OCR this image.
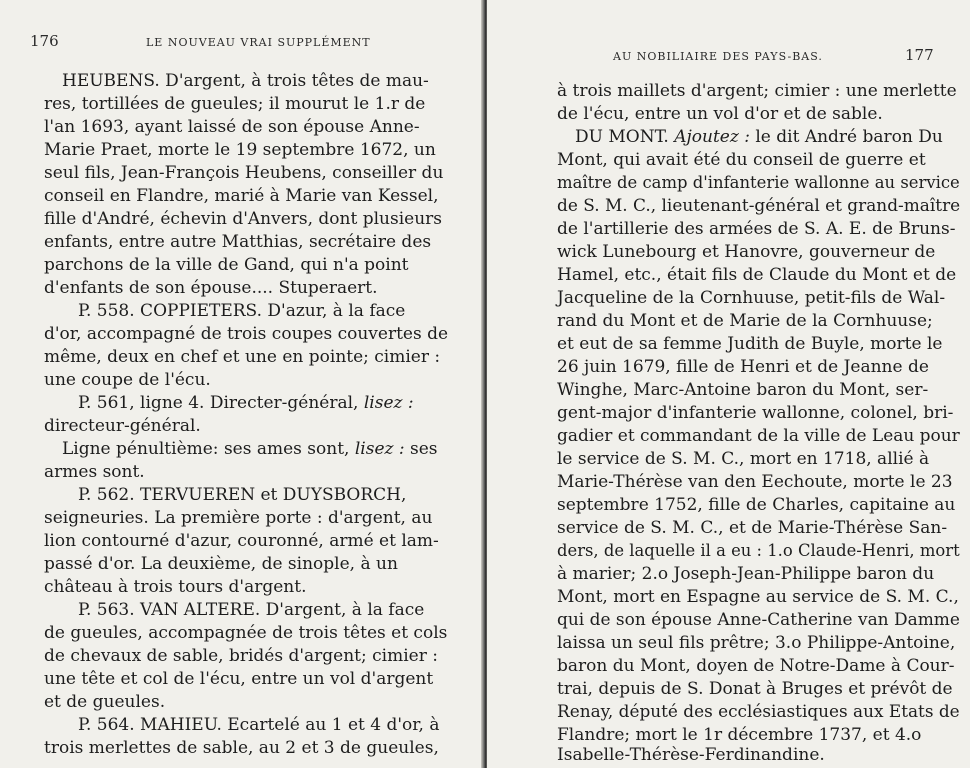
176	LE NOUVEAU VRAI SUPPLÉMENT

HEUBENS. D'argent, à trois têtes de mau-

res, tortillées de gueules; il mourut le 1.r de

l'an 1693, ayant laissé de son épouse Anne-

Marie Praet, morte le 19 septembre 1672, un

seul fils, Jean-François Heubens, conseiller du

conseil en Flandre, marié à Marie van Kessel,

fille d'André, échevin d'Anvers, dont plusieurs

enfants, entre autre Matthias, secrétaire des

parchons de la ville de Gand, qui n'a point

d'enfants de son épouse.... Stuperaert.

P. 558. COPPIETERS. D'azur, à la face

d'or, accompagné de trois coupes couvertes de

même, deux en chef et une en pointe; cimier :

une coupe de l'écu.

P. 561, ligne 4. Directer-général, lisez :

directeur-général.

Ligne pénultième: ses ames sont, lisez : ses

armes sont.

P. 562. TERVUEREN et DUYSBORCH,

seigneuries. La première porte : d'argent, au

lion contourné d'azur, couronné, armé et lam-

passé d'or. La deuxième, de sinople, à un

château à trois tours d'argent.

P. 563. VAN ALTERE. D'argent, à la face

de gueules, accompagnée de trois têtes et cols

de chevaux de sable, bridés d'argent; cimier :

une tête et col de l'écu, entre un vol d'argent

et de gueules.

P. 564. MAHIEU. Ecartelé au 1 et 4 d'or, à

trois merlettes de sable, au 2 et 3 de gueules,

AU NOBILIAIRE DES PAYS-BAS.	177

à trois maillets d'argent; cimier : une merlette

de l'écu, entre un vol d'or et de sable.

DU MONT. Ajoutez : le dit André baron Du

Mont, qui avait été du conseil de guerre et

maître de camp d'infanterie wallonne au service

de S. M. C., lieutenant-général et grand-maître

de l'artillerie des armées de S. A. E. de Bruns-

wick Lunebourg et Hanovre, gouverneur de

Hamel, etc., était fils de Claude du Mont et de

Jacqueline de la Cornhuuse, petit-fils de Wal-

rand du Mont et de Marie de la Cornhuuse;

et eut de sa femme Judith de Buyle, morte le

26 juin 1679, fille de Henri et de Jeanne de

Winghe, Marc-Antoine baron du Mont, ser-

gent-major d'infanterie wallonne, colonel, bri-

gadier et commandant de la ville de Leau pour

le service de S. M. C., mort en 1718, allié à

Marie-Thérèse van den Eechoute, morte le 23

septembre 1752, fille de Charles, capitaine au

service de S. M. C., et de Marie-Thérèse San-

ders, de laquelle il a eu : 1.o Claude-Henri, mort

à marier; 2.o Joseph-Jean-Philippe baron du

Mont, mort en Espagne au service de S. M. C.,

qui de son épouse Anne-Catherine van Damme

laissa un seul fils prêtre; 3.o Philippe-Antoine,

baron du Mont, doyen de Notre-Dame à Cour-

trai, depuis de S. Donat à Bruges et prévôt de

Renay, député des ecclésiastiques aux Etats de

Flandre; mort le 1r décembre 1737, et 4.o

Isabelle-Thérèse-Ferdinandine.
